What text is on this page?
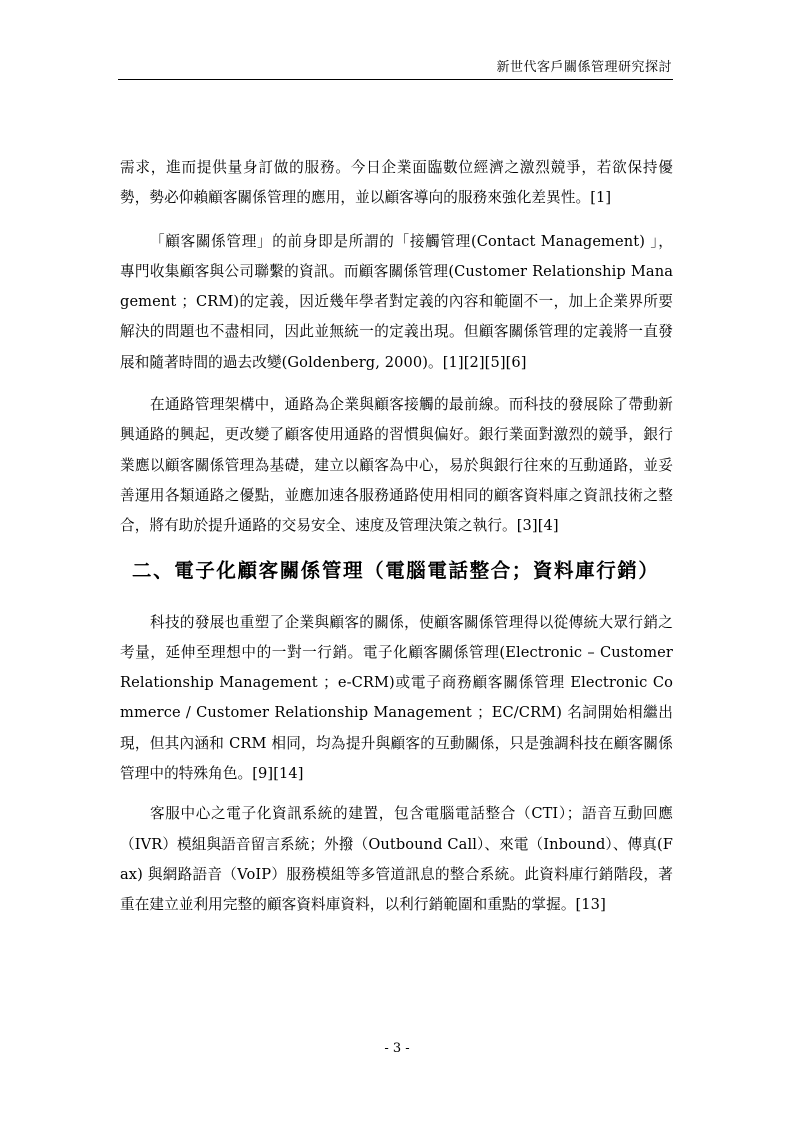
新世代客戶關係管理研究探討

需求，進而提供量身訂做的服務。今日企業面臨數位經濟之激烈競爭，若欲保持優勢，勢必仰賴顧客關係管理的應用，並以顧客導向的服務來強化差異性。[1]

「顧客關係管理」的前身即是所謂的「接觸管理(Contact Management) 」，專門收集顧客與公司聯繫的資訊。而顧客關係管理(Customer Relationship Management ；CRM)的定義，因近幾年學者對定義的內容和範圍不一，加上企業界所要解決的問題也不盡相同，因此並無統一的定義出現。但顧客關係管理的定義將一直發展和隨著時間的過去改變(Goldenberg, 2000)。[1][2][5][6]

在通路管理架構中，通路為企業與顧客接觸的最前線。而科技的發展除了帶動新興通路的興起，更改變了顧客使用通路的習慣與偏好。銀行業面對激烈的競爭，銀行業應以顧客關係管理為基礎，建立以顧客為中心，易於與銀行往來的互動通路，並妥善運用各類通路之優點，並應加速各服務通路使用相同的顧客資料庫之資訊技術之整合，將有助於提升通路的交易安全、速度及管理決策之執行。[3][4]

二、電子化顧客關係管理（電腦電話整合；資料庫行銷）

科技的發展也重塑了企業與顧客的關係，使顧客關係管理得以從傳統大眾行銷之考量，延伸至理想中的一對一行銷。電子化顧客關係管理(Electronic – Customer Relationship Management ；e-CRM)或電子商務顧客關係管理 Electronic Commerce / Customer Relationship Management ；EC/CRM) 名詞開始相繼出現，但其內涵和 CRM 相同，均為提升與顧客的互動關係，只是強調科技在顧客關係管理中的特殊角色。[9][14]

客服中心之電子化資訊系統的建置，包含電腦電話整合（CTI）；語音互動回應（IVR）模組與語音留言系統；外撥（Outbound Call）、來電（Inbound）、傳真(Fax) 與網路語音（VoIP）服務模組等多管道訊息的整合系統。此資料庫行銷階段，著重在建立並利用完整的顧客資料庫資料，以利行銷範圍和重點的掌握。[13]

- 3 -
